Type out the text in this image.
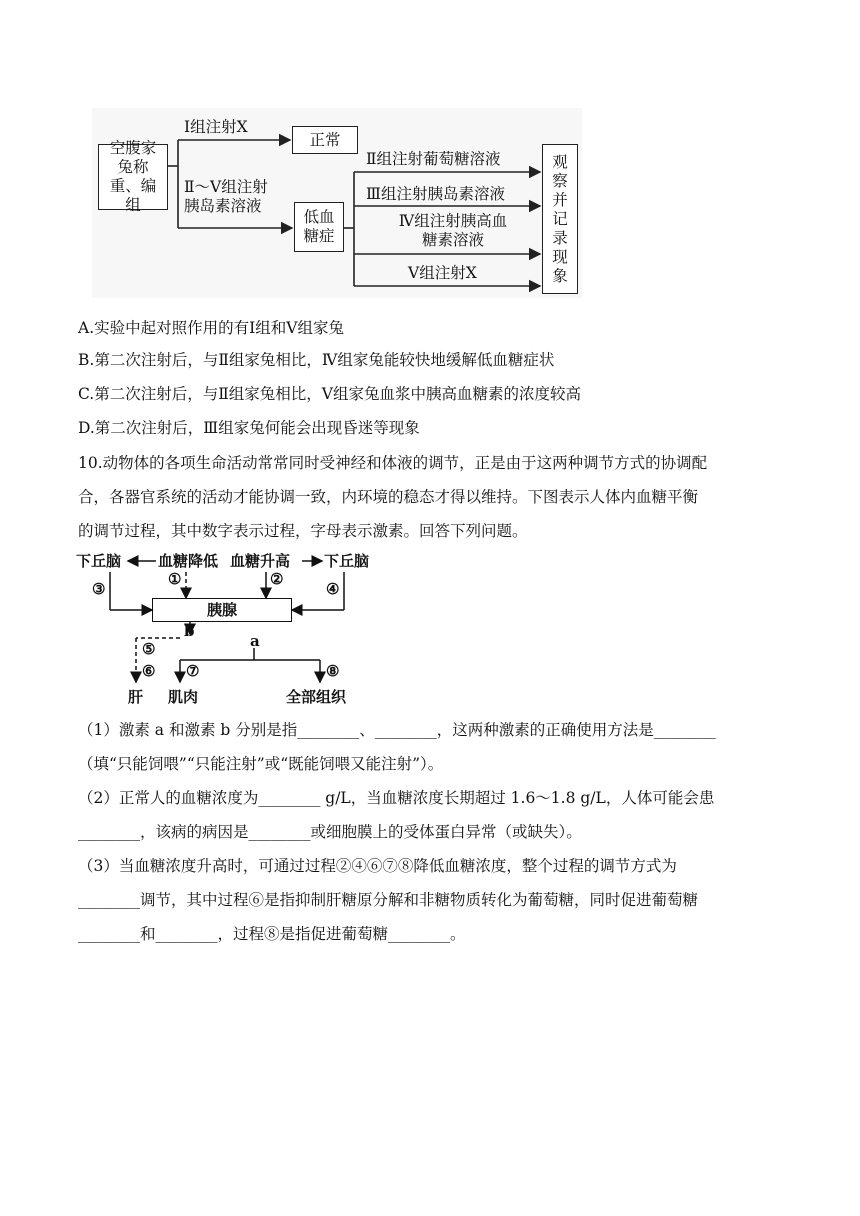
空腹家兔称重、编组
Ⅰ组注射X
正常
Ⅱ～Ⅴ组注射胰岛素溶液
低血糖症
Ⅱ组注射葡萄糖溶液
Ⅲ组注射胰岛素溶液
Ⅳ组注射胰高血糖素溶液
Ⅴ组注射X
观察并记录现象
A.实验中起对照作用的有Ⅰ组和Ⅴ组家兔
B.第二次注射后，与Ⅱ组家兔相比，Ⅳ组家兔能较快地缓解低血糖症状
C.第二次注射后，与Ⅱ组家兔相比，Ⅴ组家兔血浆中胰高血糖素的浓度较高
D.第二次注射后，Ⅲ组家兔何能会出现昏迷等现象
10.动物体的各项生命活动常常同时受神经和体液的调节，正是由于这两种调节方式的协调配
合，各器官系统的活动才能协调一致，内环境的稳态才得以维持。下图表示人体内血糖平衡
的调节过程，其中数字表示过程，字母表示激素。回答下列问题。
下丘脑 血糖降低 血糖升高 下丘脑
①	②
③	④
胰腺
b
a
⑤
⑥ ⑦	⑧
肝 肌肉	全部组织
（1）激素 a 和激素 b 分别是指________、________，这两种激素的正确使用方法是________
（填“只能饲喂”“只能注射”或“既能饲喂又能注射”）。
（2）正常人的血糖浓度为________ g/L，当血糖浓度长期超过 1.6～1.8 g/L，人体可能会患
________，该病的病因是________或细胞膜上的受体蛋白异常（或缺失）。
（3）当血糖浓度升高时，可通过过程②④⑥⑦⑧降低血糖浓度，整个过程的调节方式为
________调节，其中过程⑥是指抑制肝糖原分解和非糖物质转化为葡萄糖，同时促进葡萄糖
________和________，过程⑧是指促进葡萄糖________。
